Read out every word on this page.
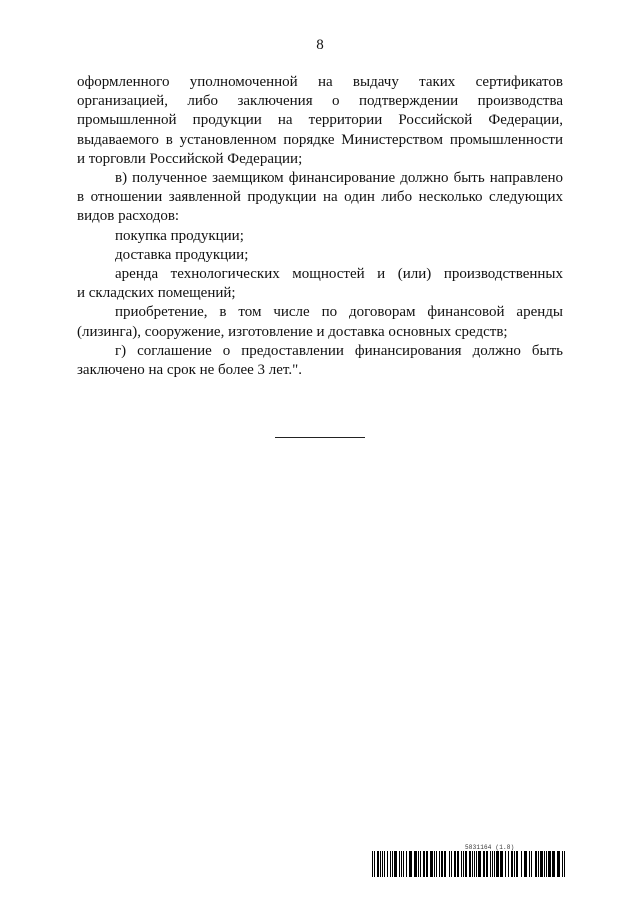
8
оформленного уполномоченной на выдачу таких сертификатов
организацией, либо заключения о подтверждении производства
промышленной продукции на территории Российской Федерации,
выдаваемого в установленном порядке Министерством промышленности
и торговли Российской Федерации;
в) полученное заемщиком финансирование должно быть направлено
в отношении заявленной продукции на один либо несколько следующих
видов расходов:
покупка продукции;
доставка продукции;
аренда технологических мощностей и (или) производственных
и складских помещений;
приобретение, в том числе по договорам финансовой аренды
(лизинга), сооружение, изготовление и доставка основных средств;
г) соглашение о предоставлении финансирования должно быть
заключено на срок не более 3 лет.".
5831164 (1.8)
